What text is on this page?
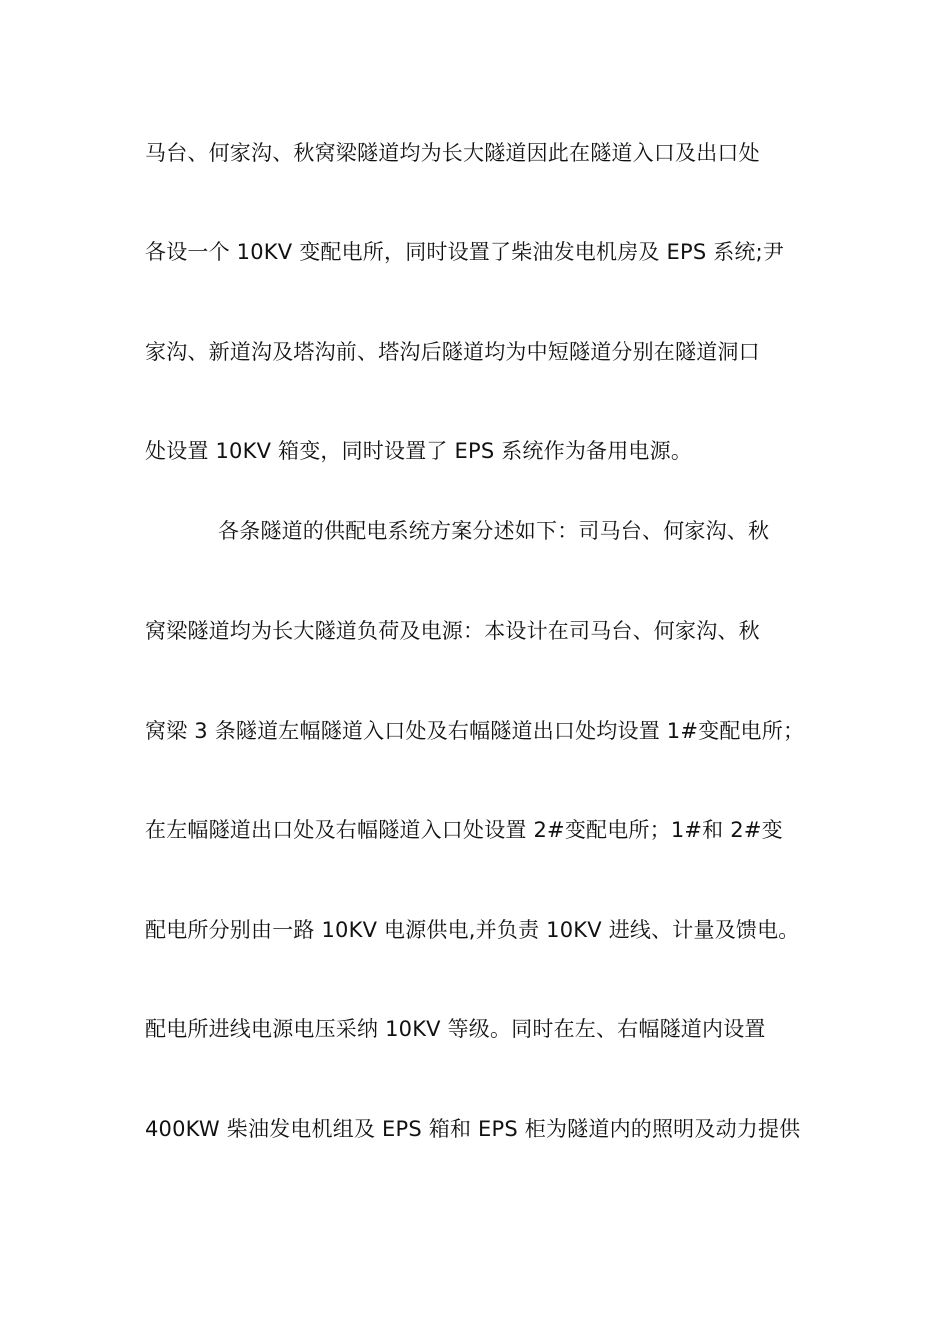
马台、何家沟、秋窝梁隧道均为长大隧道因此在隧道入口及出口处
各设一个 10KV 变配电所，同时设置了柴油发电机房及 EPS 系统;尹
家沟、新道沟及塔沟前、塔沟后隧道均为中短隧道分别在隧道洞口
处设置 10KV 箱变，同时设置了 EPS 系统作为备用电源。
各条隧道的供配电系统方案分述如下：司马台、何家沟、秋
窝梁隧道均为长大隧道负荷及电源：本设计在司马台、何家沟、秋
窝梁 3 条隧道左幅隧道入口处及右幅隧道出口处均设置 1#变配电所；
在左幅隧道出口处及右幅隧道入口处设置 2#变配电所；1#和 2#变
配电所分别由一路 10KV 电源供电,并负责 10KV 进线、计量及馈电。
配电所进线电源电压采纳 10KV 等级。同时在左、右幅隧道内设置
400KW 柴油发电机组及 EPS 箱和 EPS 柜为隧道内的照明及动力提供
